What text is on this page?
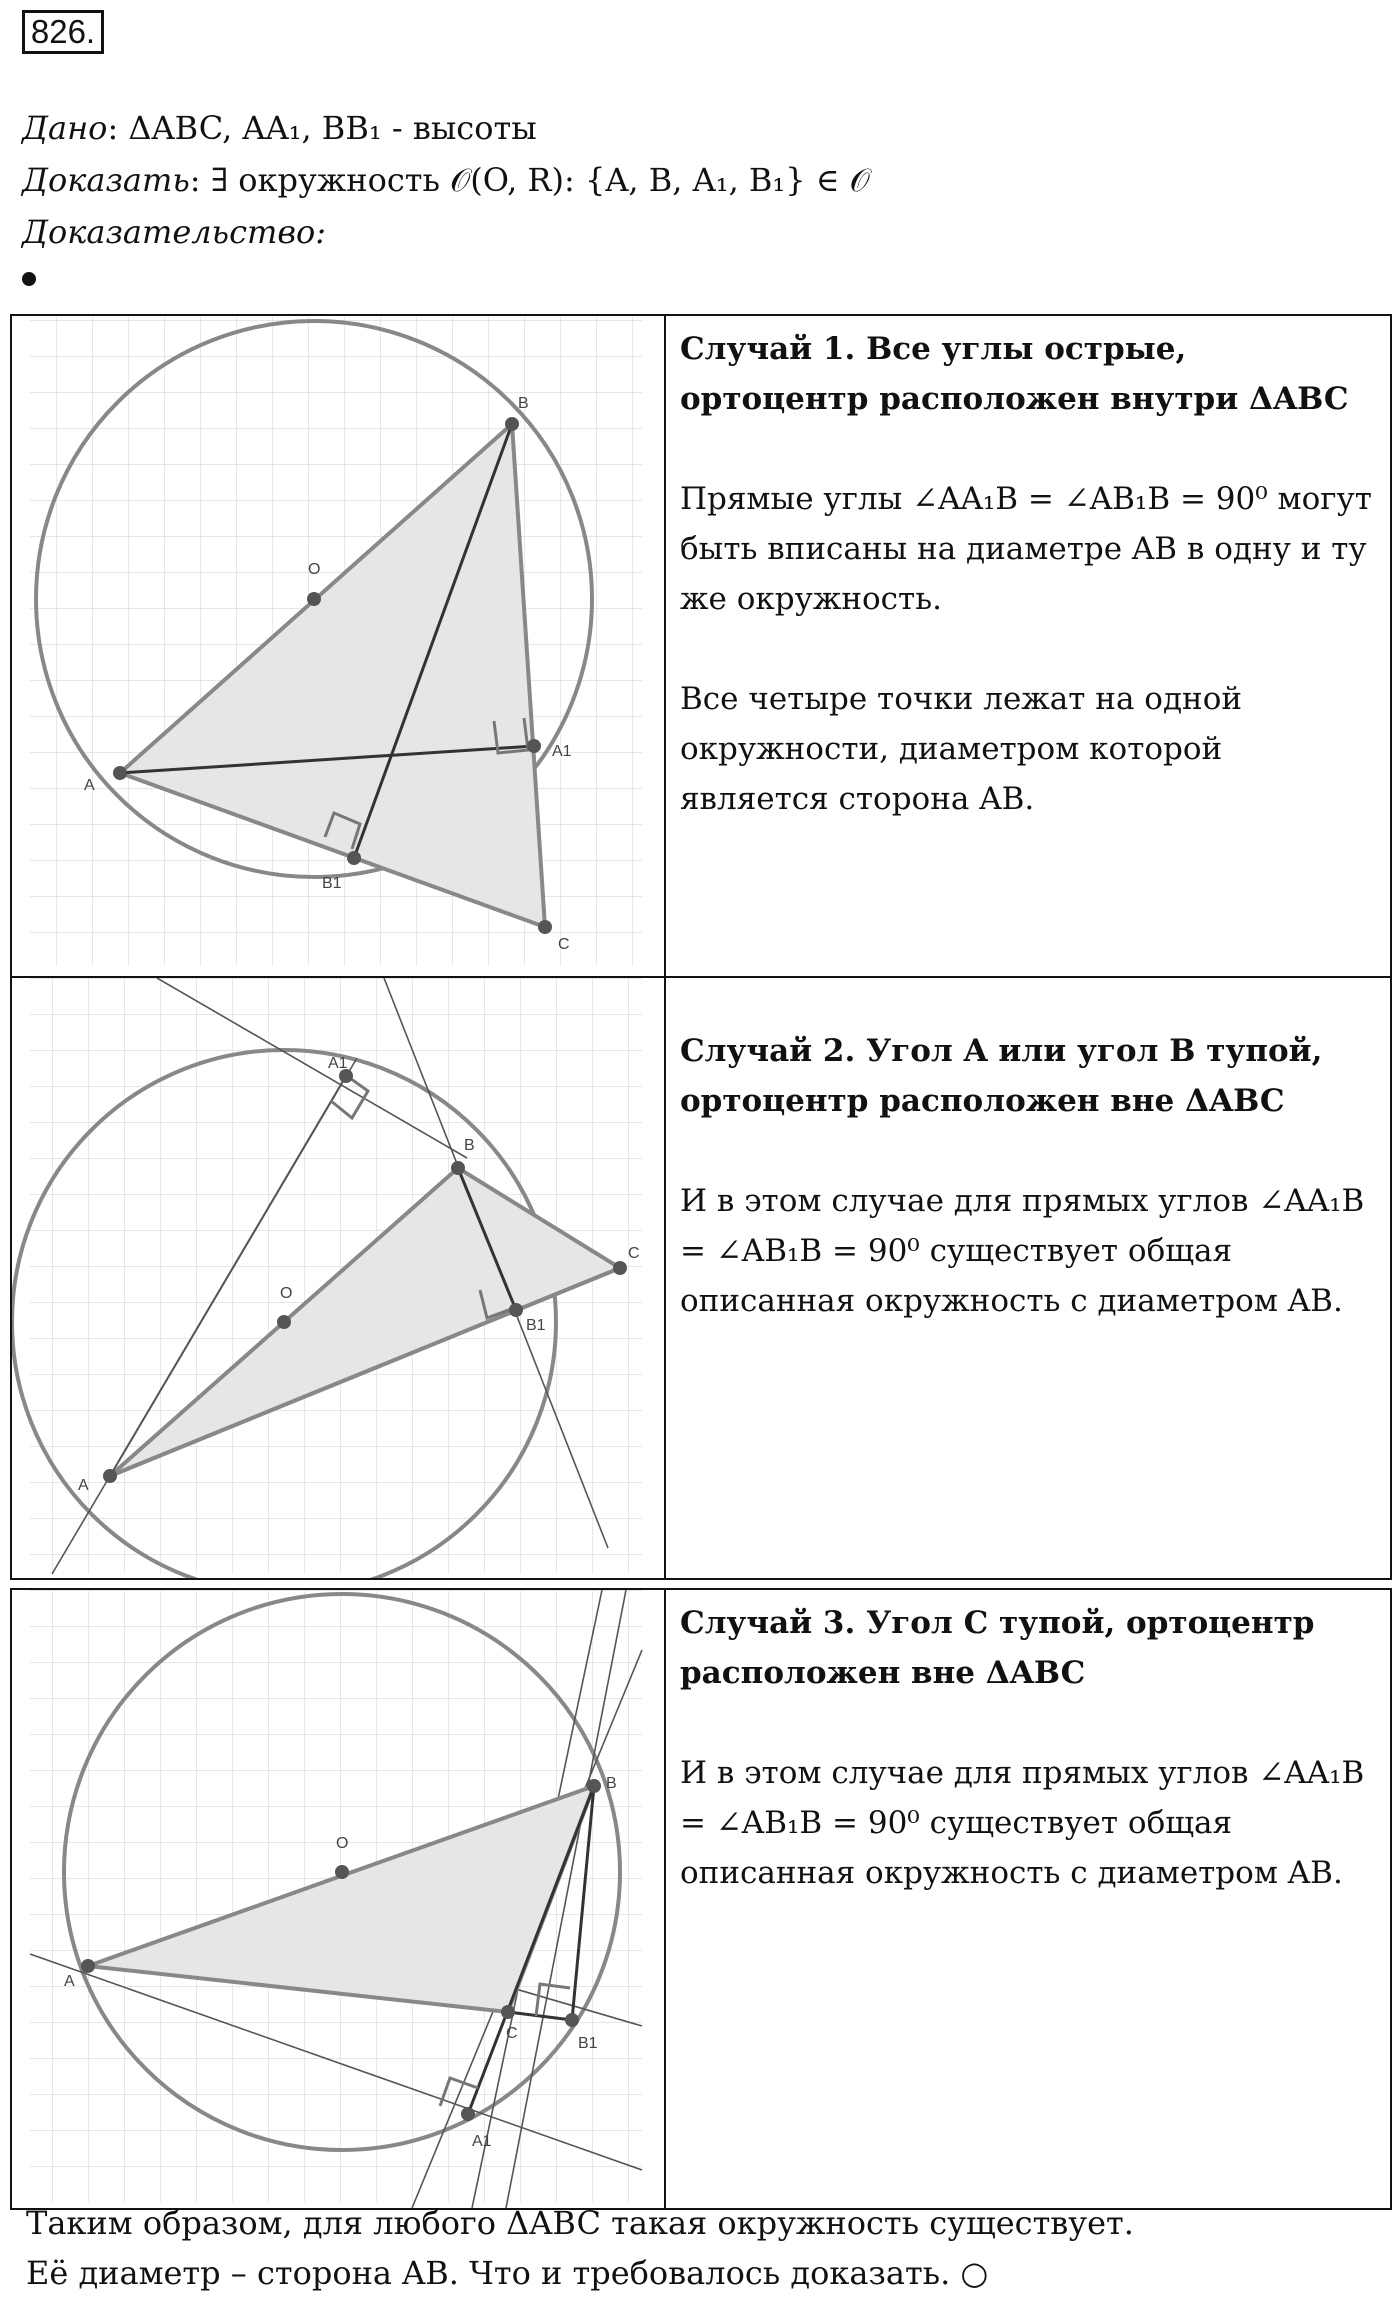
826.
Дано: ΔABC, AA₁, BB₁ - высоты
Доказать: ∃ окружность 𝒪(O, R): {A, B, A₁, B₁} ∈ 𝒪
Доказательство:
B
O
A
A1
B1
C

Случай 1. Все углы острые, ортоцентр расположен внутри ΔABC

Прямые углы ∠AA₁B = ∠AB₁B = 90⁰ могут быть вписаны на диаметре AB в одну и ту же окружность.

Все четыре точки лежат на одной окружности, диаметром которой является сторона AB.

A1
B
C
O
B1
A

Случай 2. Угол A или угол B тупой, ортоцентр расположен вне ΔABC

И в этом случае для прямых углов ∠AA₁B = ∠AB₁B = 90⁰ существует общая описанная окружность с диаметром AB.

B
O
A
C
B1
A1

Случай 3. Угол C тупой, ортоцентр расположен вне ΔABC

И в этом случае для прямых углов ∠AA₁B = ∠AB₁B = 90⁰ существует общая описанная окружность с диаметром AB.

Таким образом, для любого ΔABC такая окружность существует.
Её диаметр – сторона AB. Что и требовалось доказать. ○
